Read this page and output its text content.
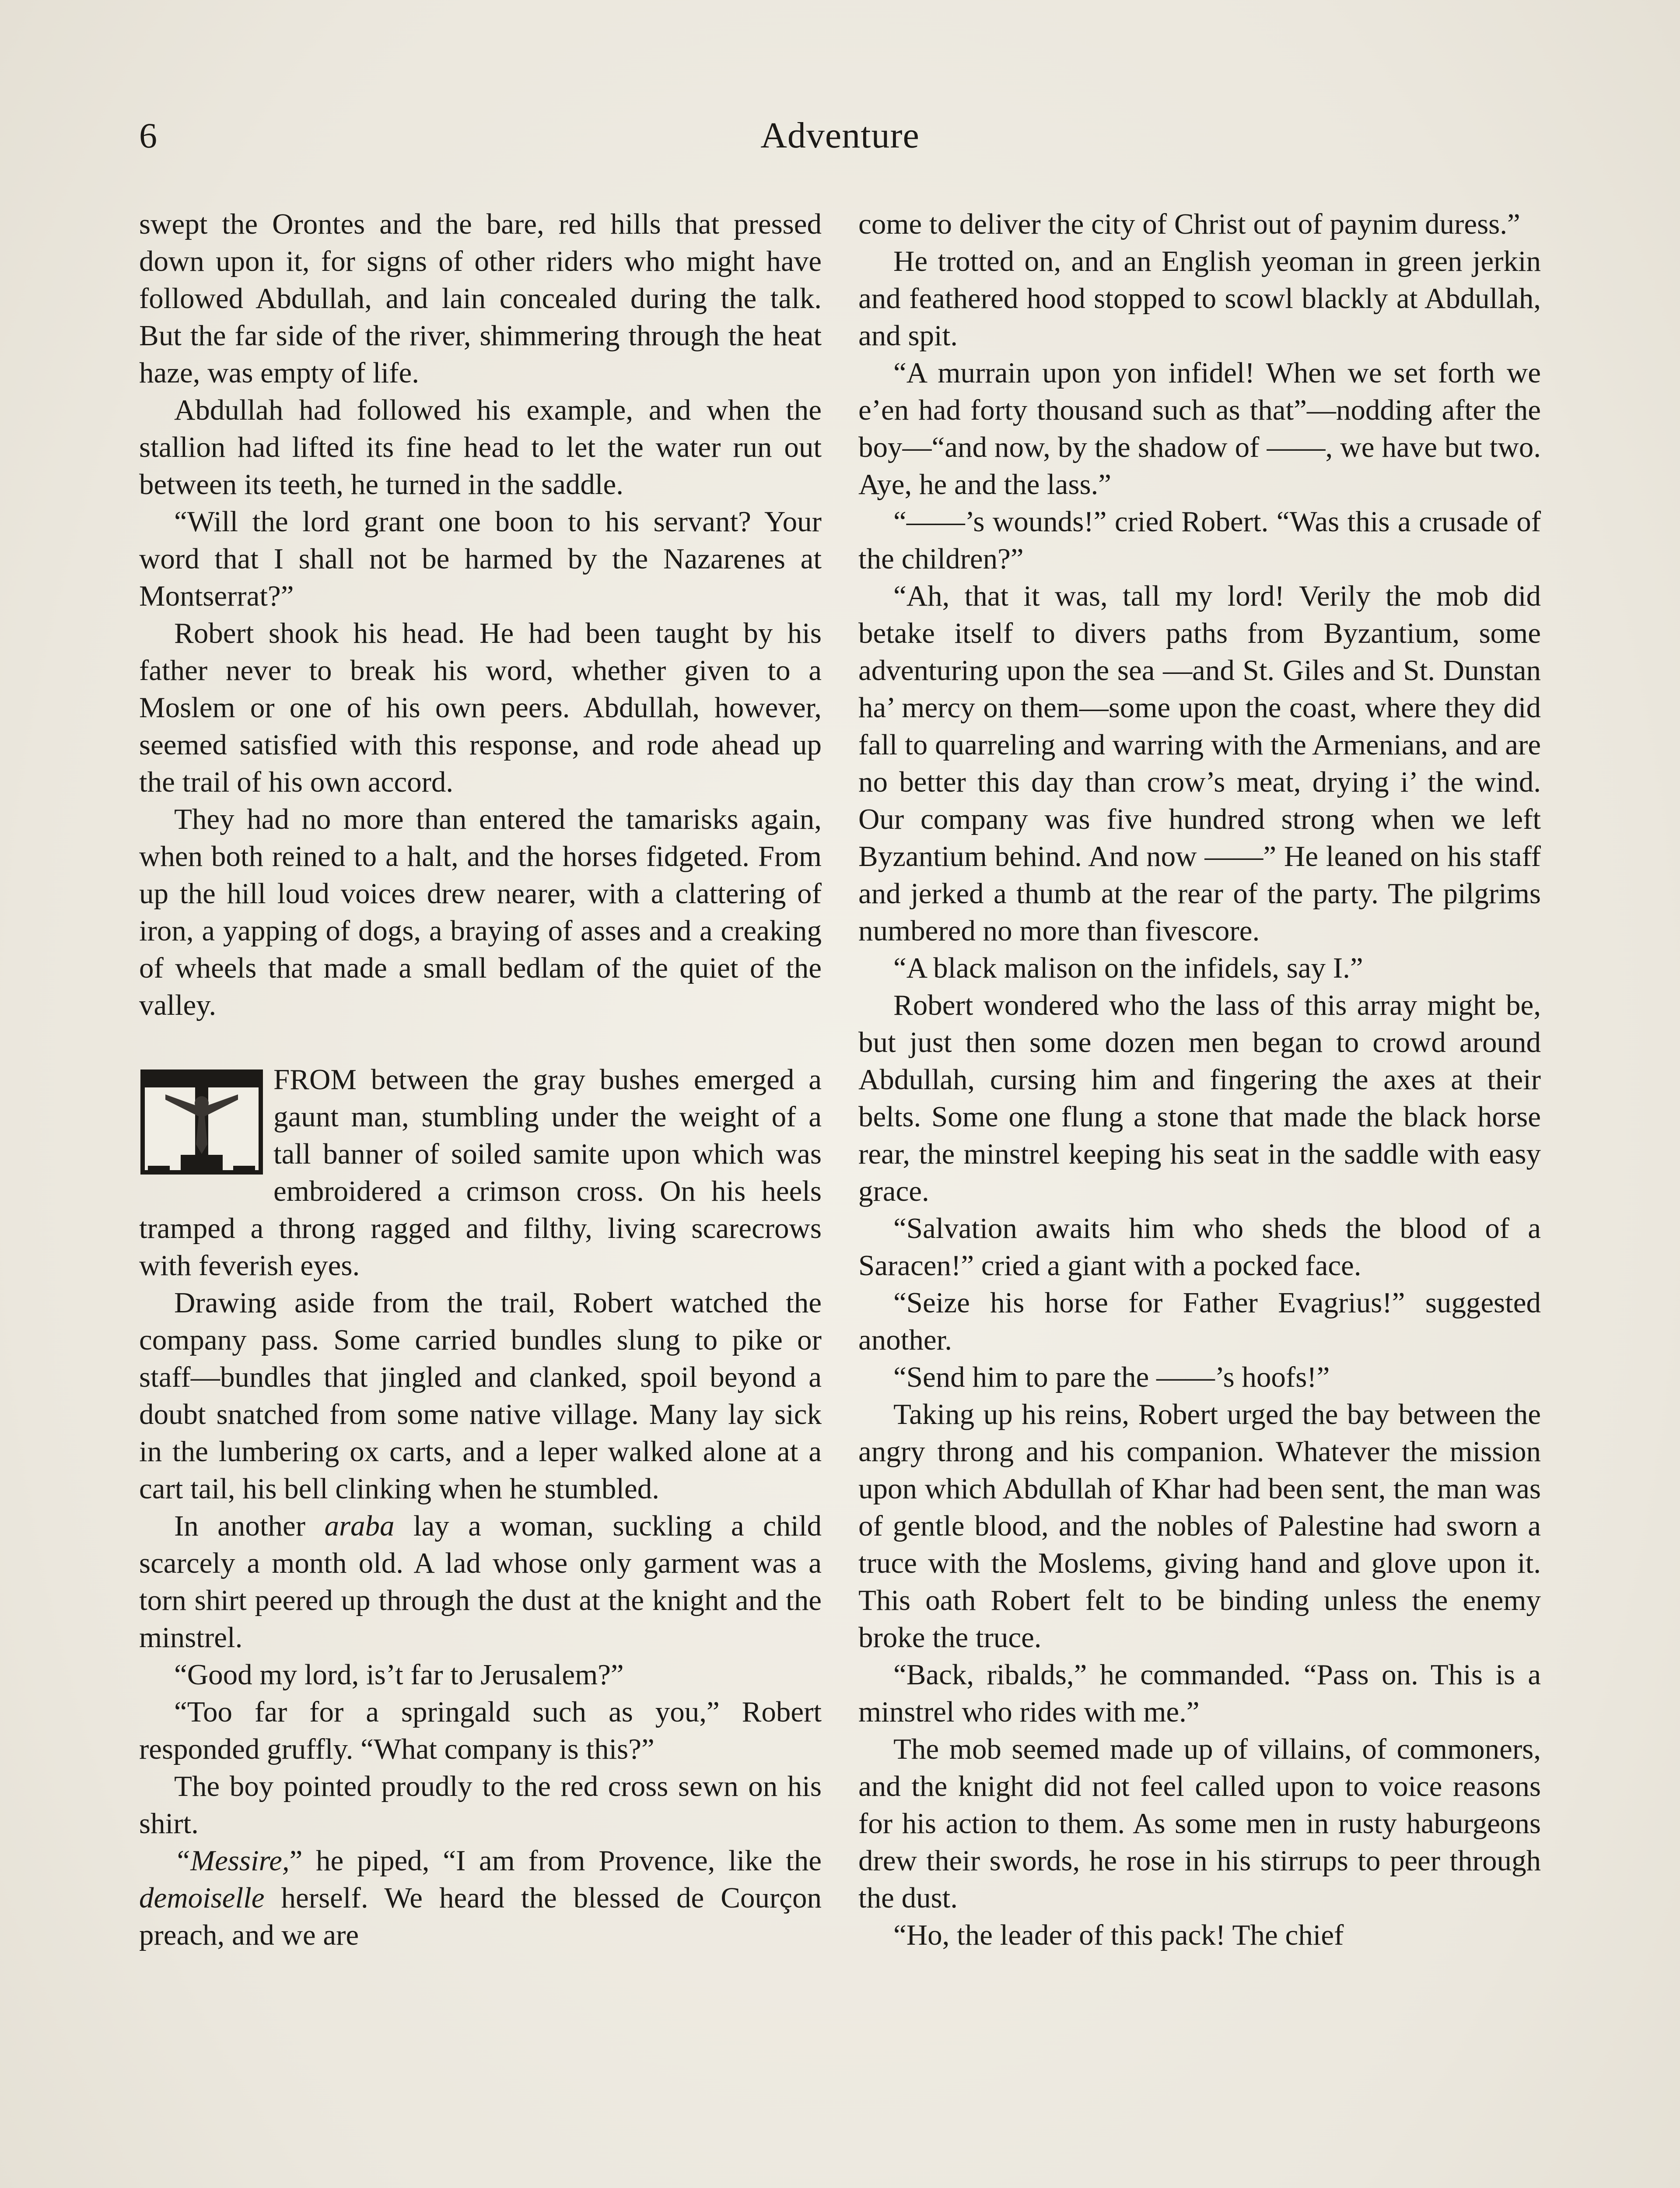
6	Adventure

swept the Orontes and the bare, red hills that pressed down upon it, for signs of other riders who might have followed Abdullah, and lain concealed during the talk. But the far side of the river, shimmering through the heat haze, was empty of life.

Abdullah had followed his example, and when the stallion had lifted its fine head to let the water run out between its teeth, he turned in the saddle.

“Will the lord grant one boon to his servant? Your word that I shall not be harmed by the Nazarenes at Montserrat?”

Robert shook his head. He had been taught by his father never to break his word, whether given to a Moslem or one of his own peers. Abdullah, however, seemed satisfied with this response, and rode ahead up the trail of his own accord.

They had no more than entered the tamarisks again, when both reined to a halt, and the horses fidgeted. From up the hill loud voices drew nearer, with a clattering of iron, a yapping of dogs, a braying of asses and a creaking of wheels that made a small bedlam of the quiet of the valley.

FROM between the gray bushes emerged a gaunt man, stumbling under the weight of a tall banner of soiled samite upon which was embroidered a crimson cross. On his heels tramped a throng ragged and filthy, living scarecrows with feverish eyes.

Drawing aside from the trail, Robert watched the company pass. Some carried bundles slung to pike or staff—bundles that jingled and clanked, spoil beyond a doubt snatched from some native village. Many lay sick in the lumbering ox carts, and a leper walked alone at a cart tail, his bell clinking when he stumbled.

In another araba lay a woman, suckling a child scarcely a month old. A lad whose only garment was a torn shirt peered up through the dust at the knight and the minstrel.

“Good my lord, is’t far to Jerusalem?”

“Too far for a springald such as you,” Robert responded gruffly. “What company is this?”

The boy pointed proudly to the red cross sewn on his shirt.

“Messire,” he piped, “I am from Provence, like the demoiselle herself. We heard the blessed de Courçon preach, and we are

come to deliver the city of Christ out of paynim duress.”

He trotted on, and an English yeoman in green jerkin and feathered hood stopped to scowl blackly at Abdullah, and spit.

“A murrain upon yon infidel! When we set forth we e’en had forty thousand such as that”—nodding after the boy—“and now, by the shadow of ——, we have but two. Aye, he and the lass.”

“——’s wounds!” cried Robert. “Was this a crusade of the children?”

“Ah, that it was, tall my lord! Verily the mob did betake itself to divers paths from Byzantium, some adventuring upon the sea —and St. Giles and St. Dunstan ha’ mercy on them—some upon the coast, where they did fall to quarreling and warring with the Armenians, and are no better this day than crow’s meat, drying i’ the wind. Our company was five hundred strong when we left Byzantium behind. And now ——” He leaned on his staff and jerked a thumb at the rear of the party. The pilgrims numbered no more than fivescore.

“A black malison on the infidels, say I.”

Robert wondered who the lass of this array might be, but just then some dozen men began to crowd around Abdullah, cursing him and fingering the axes at their belts. Some one flung a stone that made the black horse rear, the minstrel keeping his seat in the saddle with easy grace.

“Salvation awaits him who sheds the blood of a Saracen!” cried a giant with a pocked face.

“Seize his horse for Father Evagrius!” suggested another.

“Send him to pare the ——’s hoofs!”

Taking up his reins, Robert urged the bay between the angry throng and his companion. Whatever the mission upon which Abdullah of Khar had been sent, the man was of gentle blood, and the nobles of Palestine had sworn a truce with the Moslems, giving hand and glove upon it. This oath Robert felt to be binding unless the enemy broke the truce.

“Back, ribalds,” he commanded. “Pass on. This is a minstrel who rides with me.”

The mob seemed made up of villains, of commoners, and the knight did not feel called upon to voice reasons for his action to them. As some men in rusty haburgeons drew their swords, he rose in his stirrups to peer through the dust.

“Ho, the leader of this pack! The chief
